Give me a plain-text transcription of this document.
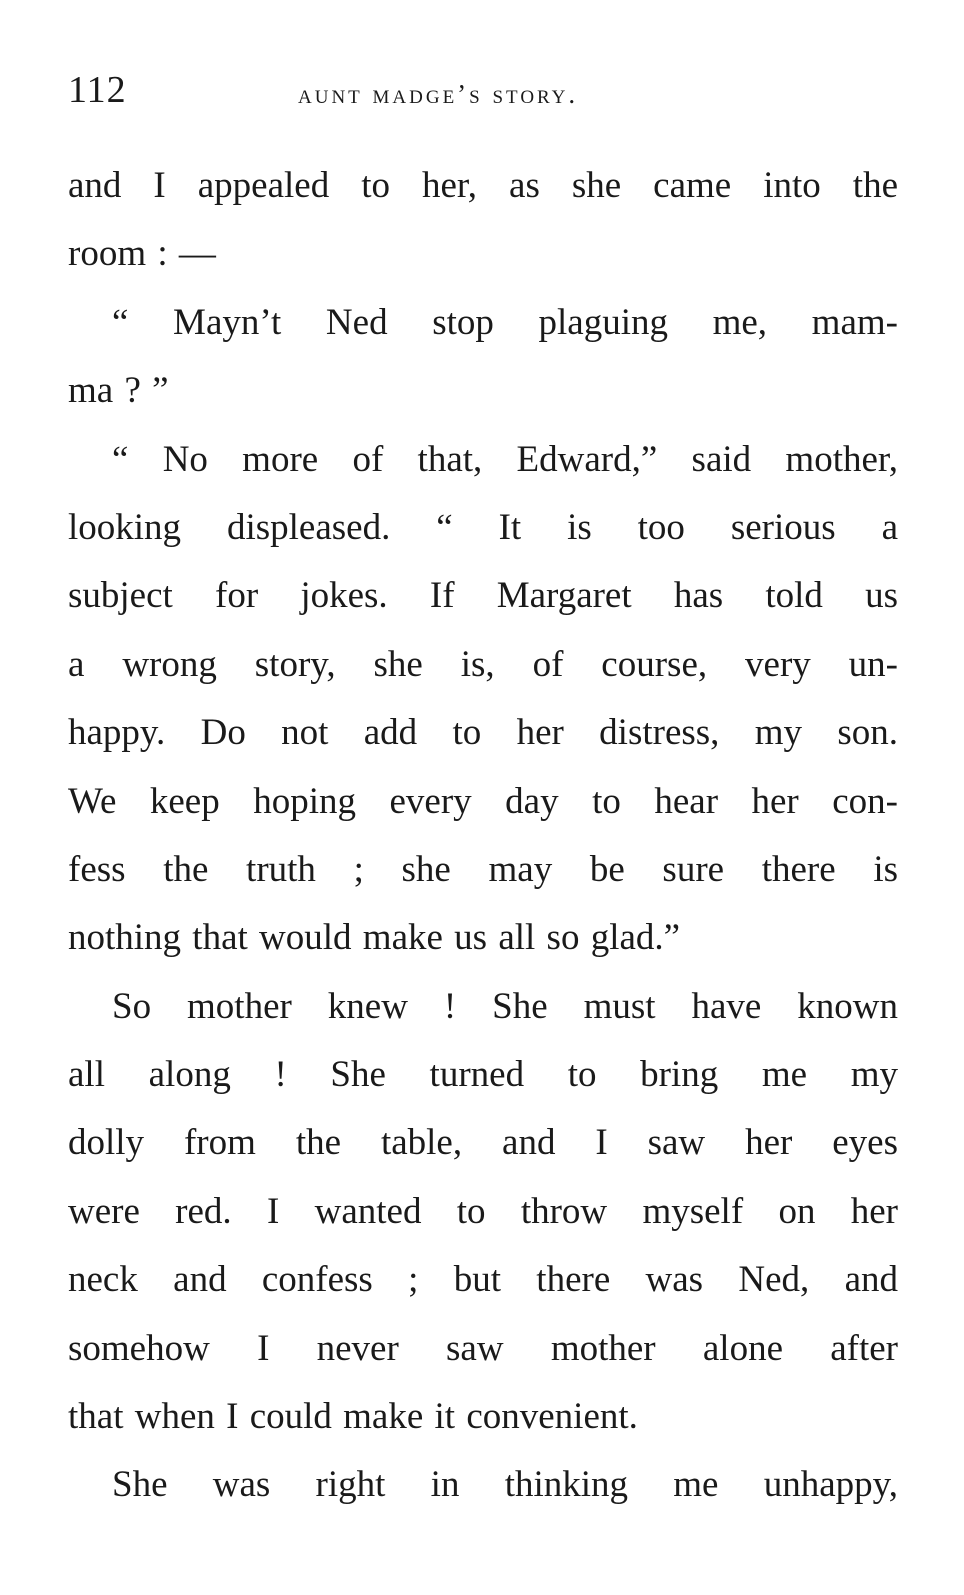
112	aunt madge’s story.
and I appealed to her, as she came into the
room : —
“ Mayn’t Ned stop plaguing me, mam-
ma ? ”
“ No more of that, Edward,” said mother,
looking displeased. “ It is too serious a
subject for jokes. If Margaret has told us
a wrong story, she is, of course, very un-
happy. Do not add to her distress, my son.
We keep hoping every day to hear her con-
fess the truth ; she may be sure there is
nothing that would make us all so glad.”
So mother knew ! She must have known
all along ! She turned to bring me my
dolly from the table, and I saw her eyes
were red. I wanted to throw myself on her
neck and confess ; but there was Ned, and
somehow I never saw mother alone after
that when I could make it convenient.
She was right in thinking me unhappy,
